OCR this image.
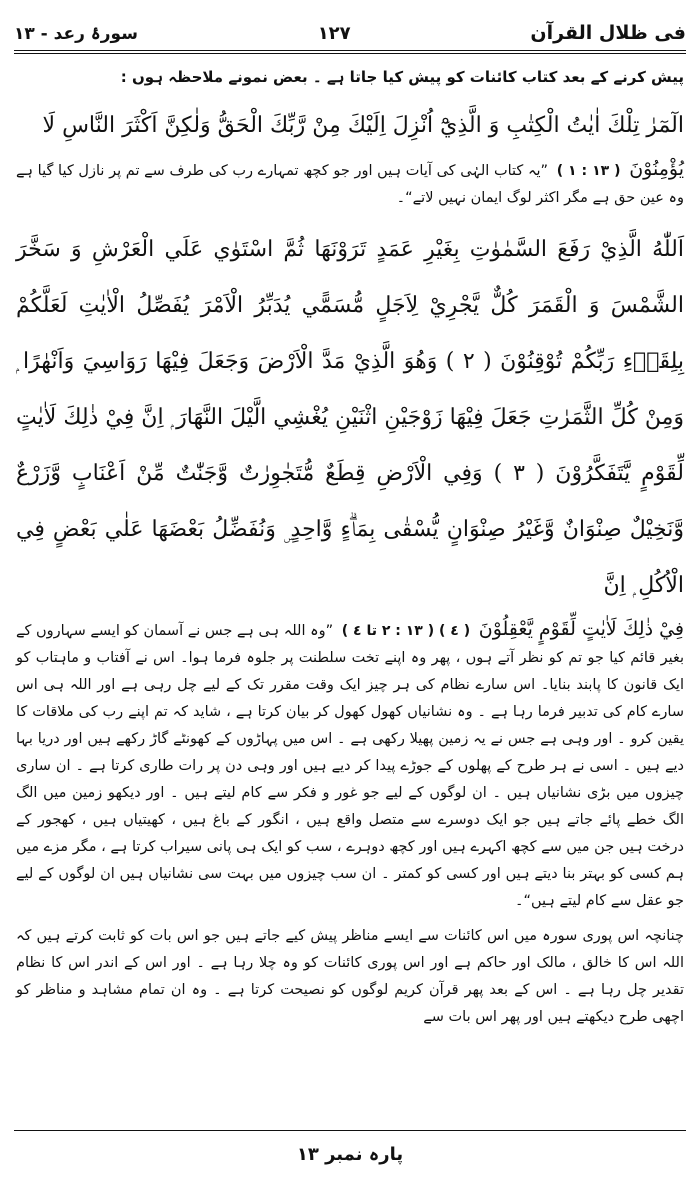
فی ظلال القرآن
١٢٧
سورۂ رعد - ١٣

پیش کرنے کے بعد کتاب کائنات کو پیش کیا جاتا ہے ۔ بعض نمونے ملاحظہ ہوں :

الٓمٓرٰ تِلْكَ اٰيٰتُ الْكِتٰبِ وَ الَّذِيْٓ اُنْزِلَ اِلَيْكَ مِنْ رَّبِّكَ الْحَقُّ وَلٰكِنَّ اَكْثَرَ النَّاسِ لَا

يُؤْمِنُوْنَ ( ١٣ : ١ ) ”یہ کتاب الہٰی کی آیات ہیں اور جو کچھ تمہارے رب کی طرف سے تم پر نازل کیا گیا ہے وہ عین حق ہے مگر اکثر لوگ ایمان نہیں لاتے“۔

اَللّٰهُ الَّذِيْ رَفَعَ السَّمٰوٰتِ بِغَيْرِ عَمَدٍ تَرَوْنَهَا ثُمَّ اسْتَوٰي عَلَي الْعَرْشِ وَ سَخَّرَ الشَّمْسَ وَ الْقَمَرَ كُلٌّ يَّجْرِيْ لِاَجَلٍ مُّسَمًّي يُدَبِّرُ الْاَمْرَ يُفَصِّلُ الْاٰيٰتِ لَعَلَّكُمْ بِلِقَاۗءِ رَبِّكُمْ تُوْقِنُوْنَ ( ٢ ) وَهُوَ الَّذِيْ مَدَّ الْاَرْضَ وَجَعَلَ فِيْهَا رَوَاسِيَ وَاَنْهٰرًا ۭ وَمِنْ كُلِّ الثَّمَرٰتِ جَعَلَ فِيْهَا زَوْجَيْنِ اثْنَيْنِ يُغْشِي الَّيْلَ النَّهَارَ ۭ اِنَّ فِيْ ذٰلِكَ لَاٰيٰتٍ لِّقَوْمٍ يَّتَفَكَّرُوْنَ ( ٣ ) وَفِي الْاَرْضِ قِطَعٌ مُّتَجٰوِرٰتٌ وَّجَنّٰتٌ مِّنْ اَعْنَابٍ وَّزَرْعٌ وَّنَخِيْلٌ صِنْوَانٌ وَّغَيْرُ صِنْوَانٍ يُّسْقٰى بِمَاۗءٍ وَّاحِدٍ ۣ وَنُفَضِّلُ بَعْضَهَا عَلٰي بَعْضٍ فِي الْاُكُلِ ۭ اِنَّ

فِيْ ذٰلِكَ لَاٰيٰتٍ لِّقَوْمٍ يَّعْقِلُوْنَ ( ٤ ) ( ١٣ : ٢ تا ٤ ) ”وہ اللہ ہی ہے جس نے آسمان کو ایسے سہاروں کے بغیر قائم کیا جو تم کو نظر آتے ہوں ، پھر وہ اپنے تخت سلطنت پر جلوہ فرما ہوا۔ اس نے آفتاب و ماہتاب کو ایک قانون کا پابند بنایا۔ اس سارے نظام کی ہر چیز ایک وقت مقرر تک کے لیے چل رہی ہے اور اللہ ہی اس سارے کام کی تدبیر فرما رہا ہے ۔ وہ نشانیاں کھول کھول کر بیان کرتا ہے ، شاید کہ تم اپنے رب کی ملاقات کا یقین کرو ۔ اور وہی ہے جس نے یہ زمین پھیلا رکھی ہے ۔ اس میں پہاڑوں کے کھونٹے گاڑ رکھے ہیں اور دریا بہا دیے ہیں ۔ اسی نے ہر طرح کے پھلوں کے جوڑے پیدا کر دیے ہیں اور وہی دن پر رات طاری کرتا ہے ۔ ان ساری چیزوں میں بڑی نشانیاں ہیں ۔ ان لوگوں کے لیے جو غور و فکر سے کام لیتے ہیں ۔ اور دیکھو زمین میں الگ الگ خطے پائے جاتے ہیں جو ایک دوسرے سے متصل واقع ہیں ، انگور کے باغ ہیں ، کھیتیاں ہیں ، کھجور کے درخت ہیں جن میں سے کچھ اکہرے ہیں اور کچھ دوہرے ، سب کو ایک ہی پانی سیراب کرتا ہے ، مگر مزے میں ہم کسی کو بہتر بنا دیتے ہیں اور کسی کو کمتر ۔ ان سب چیزوں میں بہت سی نشانیاں ہیں ان لوگوں کے لیے جو عقل سے کام لیتے ہیں“۔

چنانچہ اس پوری سورہ میں اس کائنات سے ایسے مناظر پیش کیے جاتے ہیں جو اس بات کو ثابت کرتے ہیں کہ اللہ اس کا خالق ، مالک اور حاکم ہے اور اس پوری کائنات کو وہ چلا رہا ہے ۔ اور اس کے اندر اس کا نظام تقدیر چل رہا ہے ۔ اس کے بعد پھر قرآن کریم لوگوں کو نصیحت کرتا ہے ۔ وہ ان تمام مشاہد و مناظر کو اچھی طرح دیکھتے ہیں اور پھر اس بات سے

پارہ نمبر ١٣
